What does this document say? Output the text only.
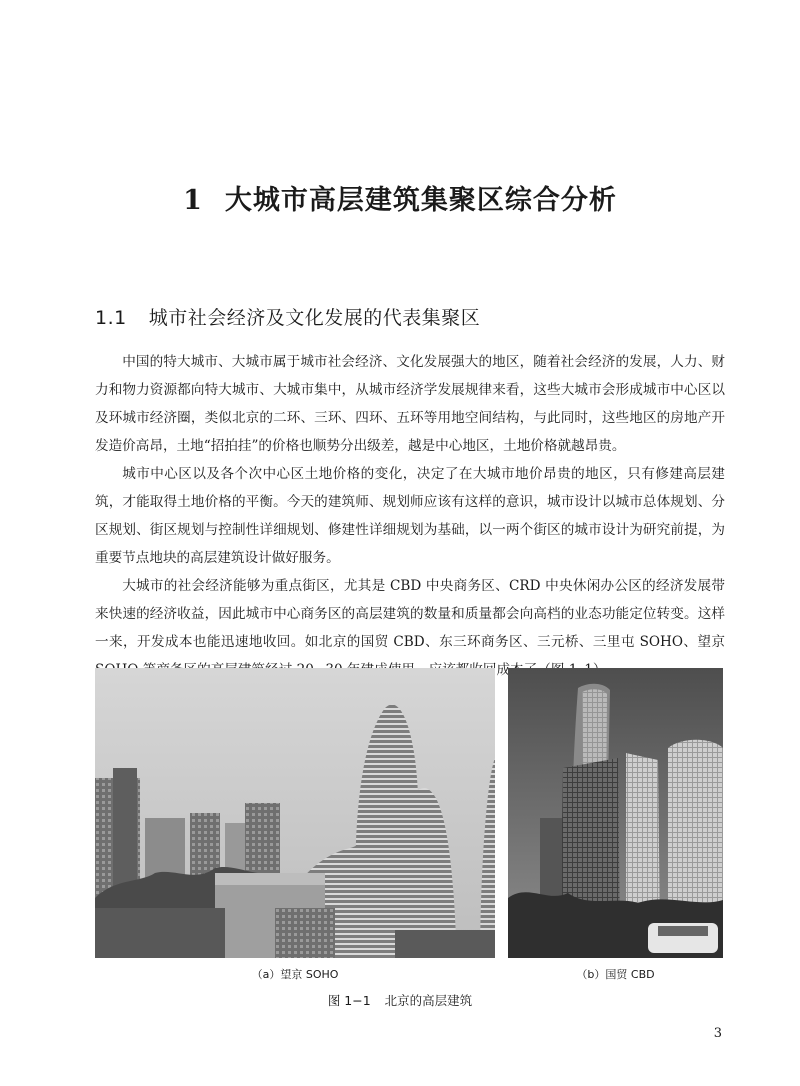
1 大城市高层建筑集聚区综合分析
1.1 城市社会经济及文化发展的代表集聚区

中国的特大城市、大城市属于城市社会经济、文化发展强大的地区，随着社会经济的发展，人力、财力和物力资源都向特大城市、大城市集中，从城市经济学发展规律来看，这些大城市会形成城市中心区以及环城市经济圈，类似北京的二环、三环、四环、五环等用地空间结构，与此同时，这些地区的房地产开发造价高昂，土地“招拍挂”的价格也顺势分出级差，越是中心地区，土地价格就越昂贵。

城市中心区以及各个次中心区土地价格的变化，决定了在大城市地价昂贵的地区，只有修建高层建筑，才能取得土地价格的平衡。今天的建筑师、规划师应该有这样的意识，城市设计以城市总体规划、分区规划、街区规划与控制性详细规划、修建性详细规划为基础，以一两个街区的城市设计为研究前提，为重要节点地块的高层建筑设计做好服务。

大城市的社会经济能够为重点街区，尤其是 CBD 中央商务区、CRD 中央休闲办公区的经济发展带来快速的经济收益，因此城市中心商务区的高层建筑的数量和质量都会向高档的业态功能定位转变。这样一来，开发成本也能迅速地收回。如北京的国贸 CBD、东三环商务区、三元桥、三里屯 SOHO、望京

（a）望京 SOHO	（b）国贸 CBD
图 1−1 北京的高层建筑
3
